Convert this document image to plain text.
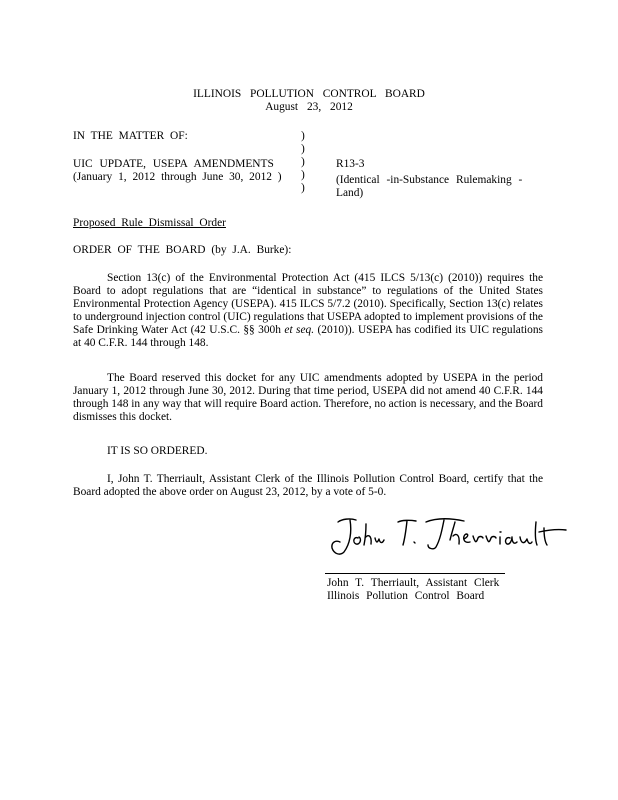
ILLINOIS POLLUTION CONTROL BOARD
August 23, 2012
IN THE MATTER OF:
UIC UPDATE, USEPA AMENDMENTS
(January 1, 2012 through June 30, 2012 )
)
)
)
)
)
R13-3
(Identical -in-Substance Rulemaking -
Land)
Proposed Rule Dismissal Order
ORDER OF THE BOARD (by J.A. Burke):

Section 13(c) of the Environmental Protection Act (415 ILCS 5/13(c) (2010)) requires the Board to adopt regulations that are “identical in substance” to regulations of the United States Environmental Protection Agency (USEPA). 415 ILCS 5/7.2 (2010). Specifically, Section 13(c) relates to underground injection control (UIC) regulations that USEPA adopted to implement provisions of the Safe Drinking Water Act (42 U.S.C. §§ 300h et seq. (2010)). USEPA has codified its UIC regulations at 40 C.F.R. 144 through 148.

The Board reserved this docket for any UIC amendments adopted by USEPA in the period January 1, 2012 through June 30, 2012. During that time period, USEPA did not amend 40 C.F.R. 144 through 148 in any way that will require Board action. Therefore, no action is necessary, and the Board dismisses this docket.

IT IS SO ORDERED.

I, John T. Therriault, Assistant Clerk of the Illinois Pollution Control Board, certify that the Board adopted the above order on August 23, 2012, by a vote of 5-0.

John T. Therriault, Assistant Clerk
Illinois Pollution Control Board
